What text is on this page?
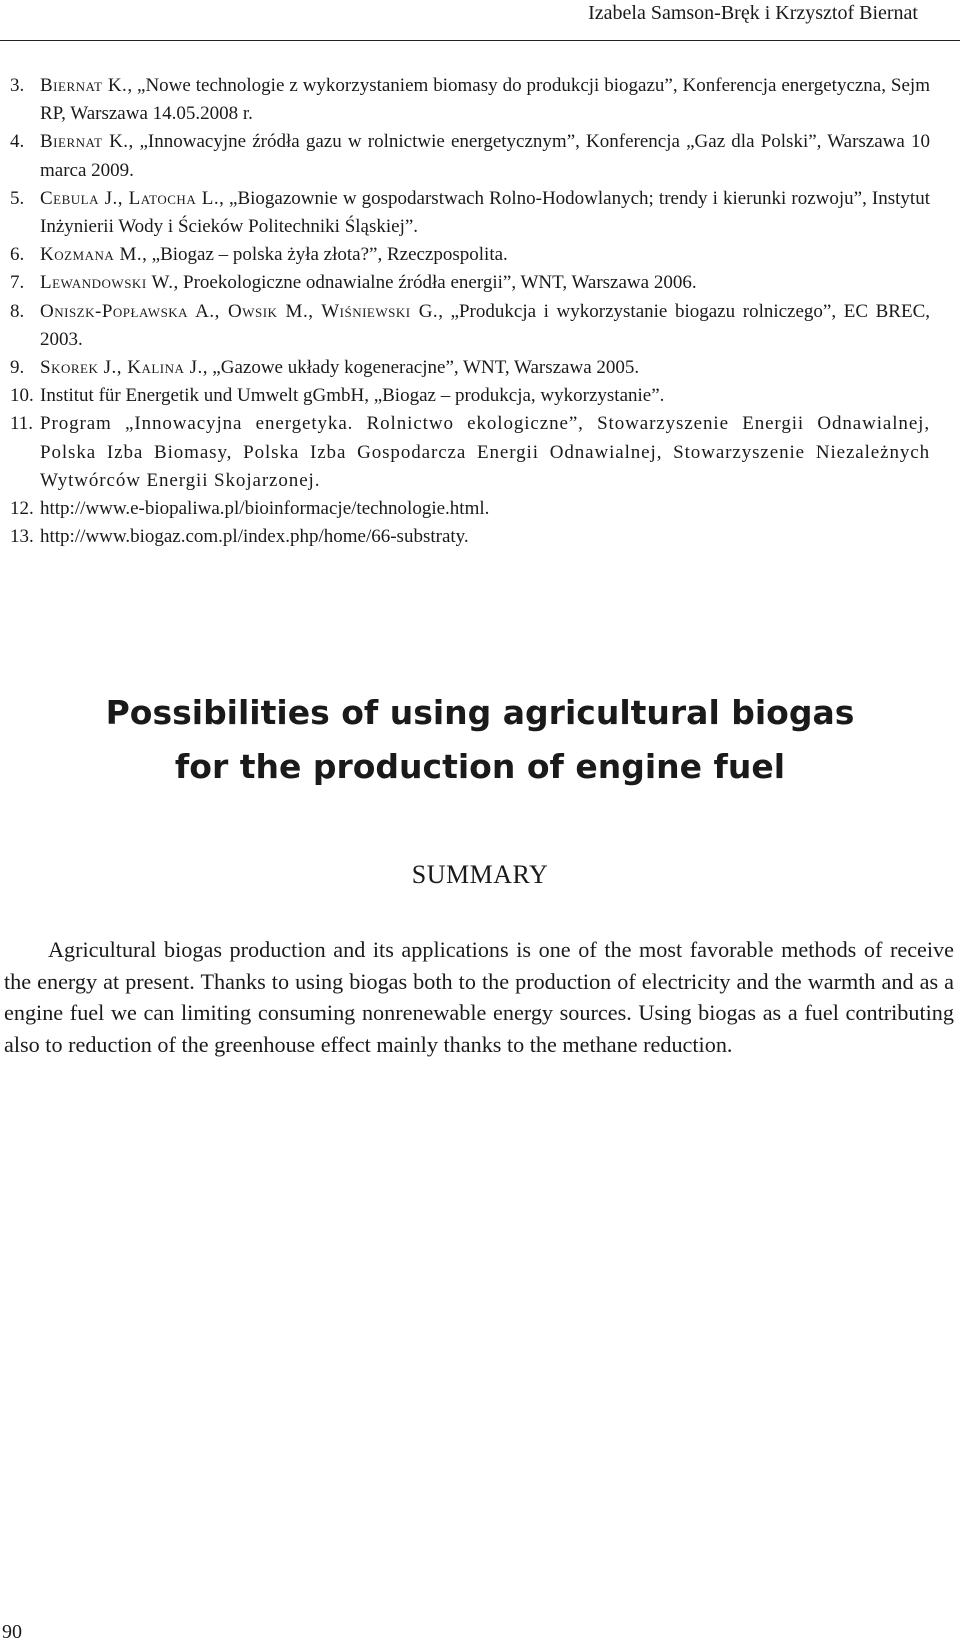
Izabela Samson-Bręk i Krzysztof Biernat
3. Biernat K., „Nowe technologie z wykorzystaniem biomasy do produkcji biogazu”, Konferencja energetyczna, Sejm RP, Warszawa 14.05.2008 r.
4. Biernat K., „Innowacyjne źródła gazu w rolnictwie energetycznym”, Konferencja „Gaz dla Polski”, Warszawa 10 marca 2009.
5. Cebula J., Latocha L., „Biogazownie w gospodarstwach Rolno-Hodowlanych; trendy i kierunki rozwoju”, Instytut Inżynierii Wody i Ścieków Politechniki Śląskiej”.
6. Kozmana M., „Biogaz – polska żyła złota?”, Rzeczpospolita.
7. Lewandowski W., Proekologiczne odnawialne źródła energii”, WNT, Warszawa 2006.
8. Oniszk-Popławska A., Owsik M., Wiśniewski G., „Produkcja i wykorzystanie biogazu rolniczego”, EC BREC, 2003.
9. Skorek J., Kalina J., „Gazowe układy kogeneracjne”, WNT, Warszawa 2005.
10. Institut für Energetik und Umwelt gGmbH, „Biogaz – produkcja, wykorzystanie”.
11. Program „Innowacyjna energetyka. Rolnictwo ekologiczne”, Stowarzyszenie Energii Odnawialnej, Polska Izba Biomasy, Polska Izba Gospodarcza Energii Odnawialnej, Stowarzyszenie Niezależnych Wytwórców Energii Skojarzonej.
12. http://www.e-biopaliwa.pl/bioinformacje/technologie.html.
13. http://www.biogaz.com.pl/index.php/home/66-substraty.
Possibilities of using agricultural biogas
for the production of engine fuel
SUMMARY

Agricultural biogas production and its applications is one of the most favorable methods of receive the energy at present. Thanks to using biogas both to the production of electricity and the warmth and as a engine fuel we can limiting consuming nonrenewable energy sources. Using biogas as a fuel contributing also to reduction of the greenhouse effect mainly thanks to the methane reduction.

90
